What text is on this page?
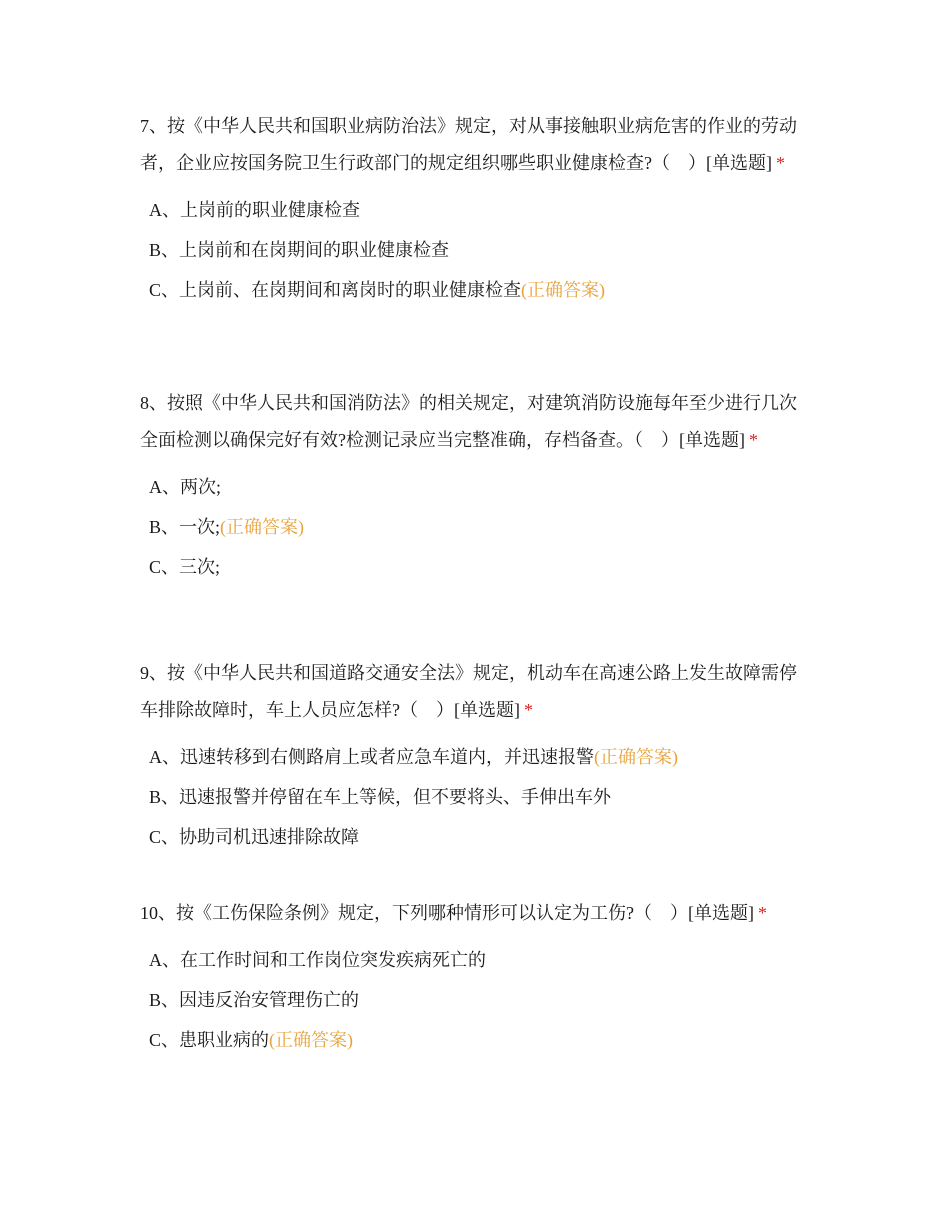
7、按《中华人民共和国职业病防治法》规定，对从事接触职业病危害的作业的劳动者，企业应按国务院卫生行政部门的规定组织哪些职业健康检查?（　）[单选题] *

A、上岗前的职业健康检查
B、上岗前和在岗期间的职业健康检查
C、上岗前、在岗期间和离岗时的职业健康检查(正确答案)

8、按照《中华人民共和国消防法》的相关规定，对建筑消防设施每年至少进行几次全面检测以确保完好有效?检测记录应当完整准确，存档备查。（　）[单选题] *

A、两次;
B、一次;(正确答案)
C、三次;

9、按《中华人民共和国道路交通安全法》规定，机动车在高速公路上发生故障需停车排除故障时，车上人员应怎样?（　）[单选题] *

A、迅速转移到右侧路肩上或者应急车道内，并迅速报警(正确答案)
B、迅速报警并停留在车上等候，但不要将头、手伸出车外
C、协助司机迅速排除故障

10、按《工伤保险条例》规定，下列哪种情形可以认定为工伤?（　）[单选题] *

A、在工作时间和工作岗位突发疾病死亡的
B、因违反治安管理伤亡的
C、患职业病的(正确答案)
